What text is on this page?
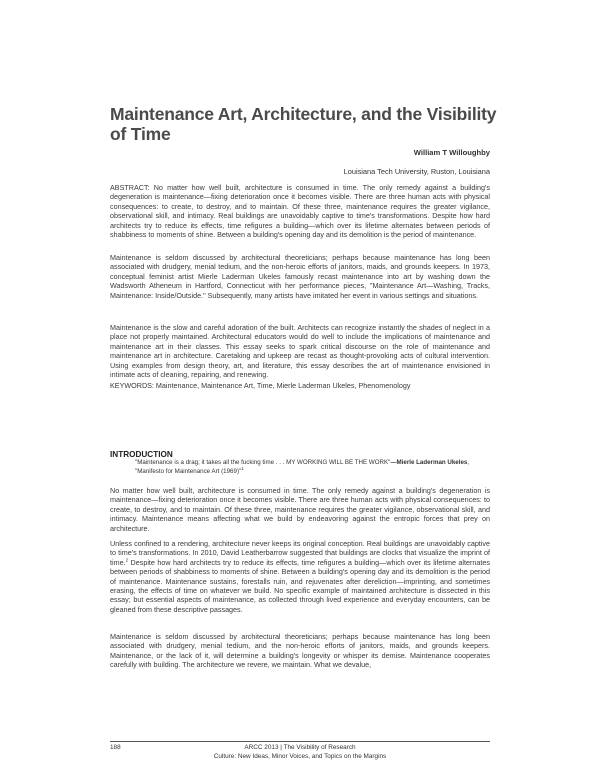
Maintenance Art, Architecture, and the Visibility of Time
William T Willoughby
Louisiana Tech University, Ruston, Louisiana

ABSTRACT: No matter how well built, architecture is consumed in time. The only remedy against a building's degeneration is maintenance—fixing deterioration once it becomes visible. There are three human acts with physical consequences: to create, to destroy, and to maintain. Of these three, maintenance requires the greater vigilance, observational skill, and intimacy. Real buildings are unavoidably captive to time's transformations. Despite how hard architects try to reduce its effects, time refigures a building—which over its lifetime alternates between periods of shabbiness to moments of shine. Between a building's opening day and its demolition is the period of maintenance.

Maintenance is seldom discussed by architectural theoreticians; perhaps because maintenance has long been associated with drudgery, menial tedium, and the non-heroic efforts of janitors, maids, and grounds keepers. In 1973, conceptual feminist artist Mierle Laderman Ukeles famously recast maintenance into art by washing down the Wadsworth Atheneum in Hartford, Connecticut with her performance pieces, "Maintenance Art—Washing, Tracks, Maintenance: Inside/Outside." Subsequently, many artists have imitated her event in various settings and situations.

Maintenance is the slow and careful adoration of the built. Architects can recognize instantly the shades of neglect in a place not properly maintained. Architectural educators would do well to include the implications of maintenance and maintenance art in their classes. This essay seeks to spark critical discourse on the role of maintenance and maintenance art in architecture. Caretaking and upkeep are recast as thought-provoking acts of cultural intervention. Using examples from design theory, art, and literature, this essay describes the art of maintenance envisioned in intimate acts of cleaning, repairing, and renewing.

KEYWORDS: Maintenance, Maintenance Art, Time, Mierle Laderman Ukeles, Phenomenology

INTRODUCTION
"Maintenance is a drag; it takes all the fucking time . . . MY WORKING WILL BE THE WORK"—Mierle Laderman Ukeles, "Manifesto for Maintenance Art (1969)"$^1$

No matter how well built, architecture is consumed in time. The only remedy against a building's degeneration is maintenance—fixing deterioration once it becomes visible. There are three human acts with physical consequences: to create, to destroy, and to maintain. Of these three, maintenance requires the greater vigilance, observational skill, and intimacy. Maintenance means affecting what we build by endeavoring against the entropic forces that prey on architecture.

Unless confined to a rendering, architecture never keeps its original conception. Real buildings are unavoidably captive to time's transformations. In 2010, David Leatherbarrow suggested that buildings are clocks that visualize the imprint of time.$^2$ Despite how hard architects try to reduce its effects, time refigures a building—which over its lifetime alternates between periods of shabbiness to moments of shine. Between a building's opening day and its demolition is the period of maintenance. Maintenance sustains, forestalls ruin, and rejuvenates after dereliction—imprinting, and sometimes erasing, the effects of time on whatever we build. No specific example of maintained architecture is dissected in this essay; but essential aspects of maintenance, as collected through lived experience and everyday encounters, can be gleaned from these descriptive passages.

Maintenance is seldom discussed by architectural theoreticians; perhaps because maintenance has long been associated with drudgery, menial tedium, and the non-heroic efforts of janitors, maids, and grounds keepers. Maintenance, or the lack of it, will determine a building's longevity or whisper its demise. Maintenance cooperates carefully with building. The architecture we revere, we maintain. What we devalue,

188	ARCC 2013 | The Visibility of Research
Culture: New Ideas, Minor Voices, and Topics on the Margins
